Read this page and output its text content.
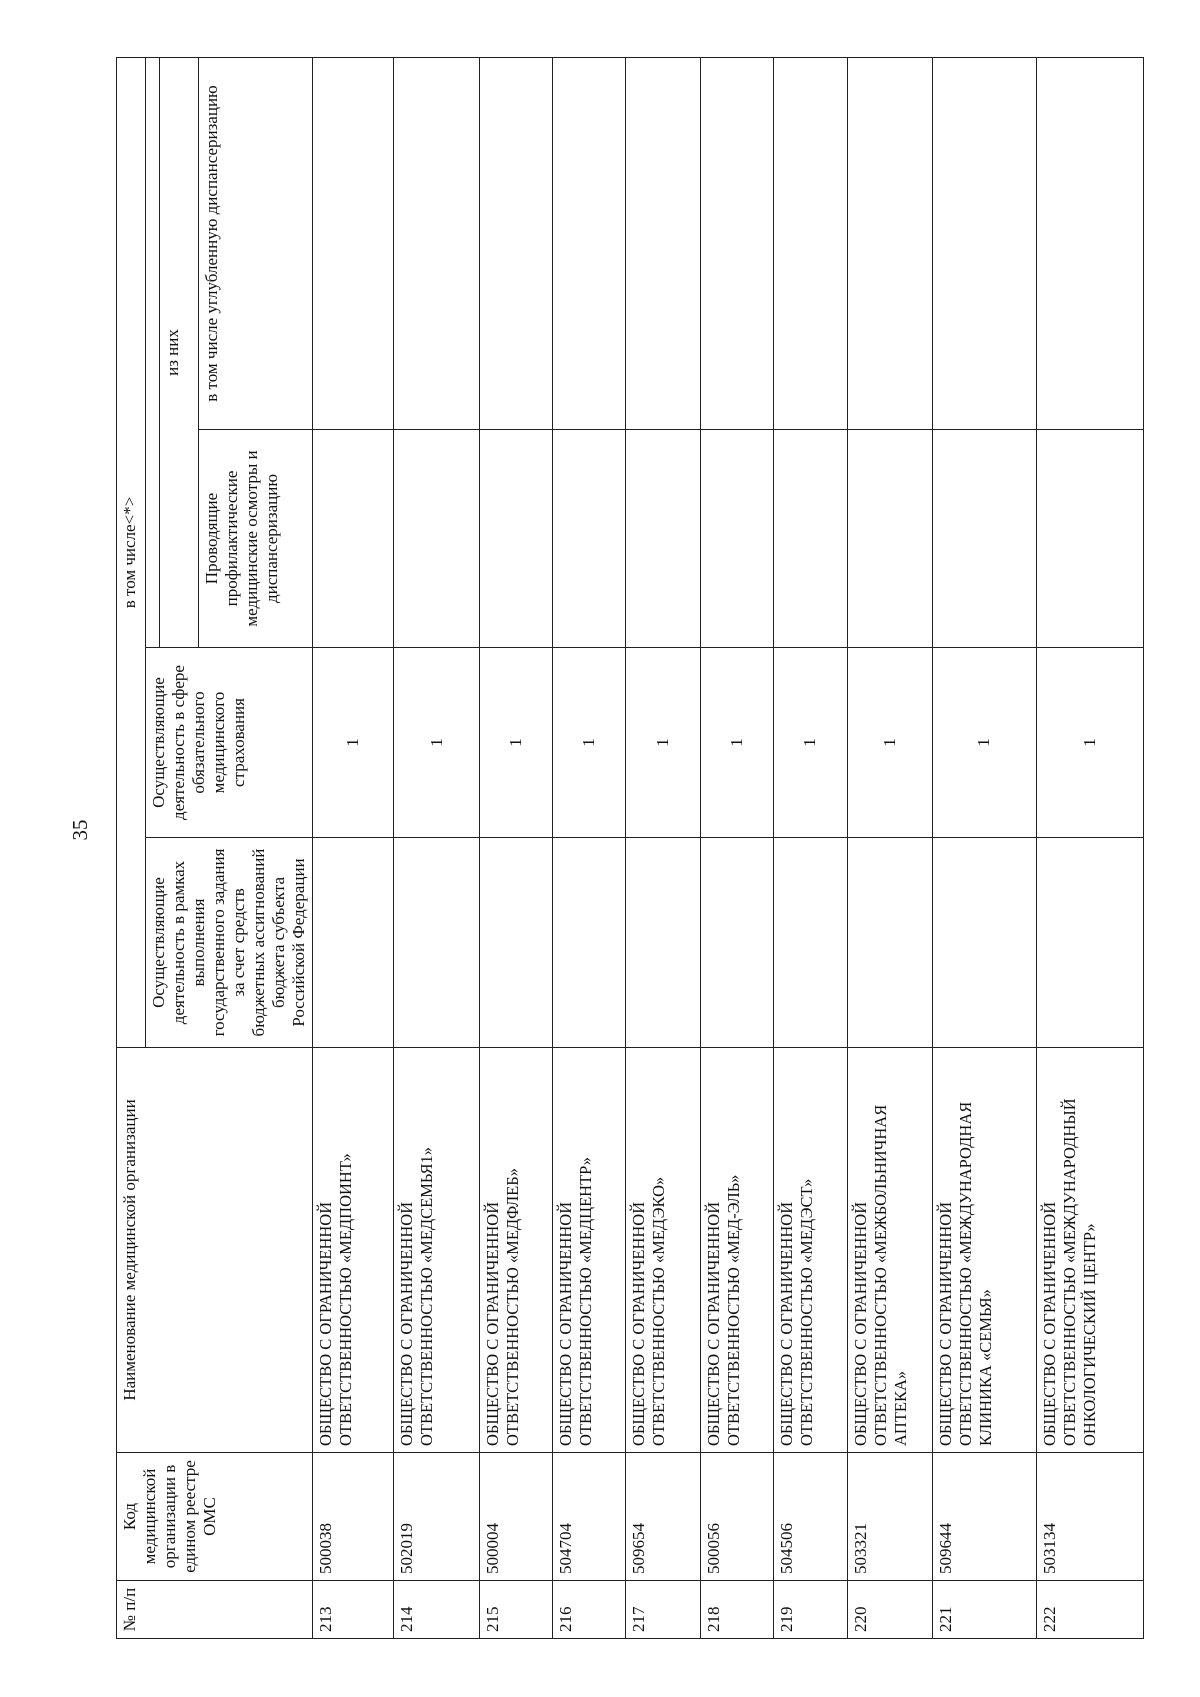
35
№ п/п	Код медицинской организации в едином реестре ОМС	Наименование медицинской организации	в том числе<*>			
			Осуществляющие деятельность в рамках выполнения государственного задания за счет средств бюджетных ассигнований бюджета субъекта Российской Федерации	Осуществляющие деятельность в сфере обязательного медицинского страхования		
					из них	
					Проводящие профилактические медицинские осмотры и диспансеризацию	в том числе углубленную диспансеризацию
213	500038	ОБЩЕСТВО С ОГРАНИЧЕННОЙ ОТВЕТСТВЕННОСТЬЮ «МЕДПОИНТ»		1		
214	502019	ОБЩЕСТВО С ОГРАНИЧЕННОЙ ОТВЕТСТВЕННОСТЬЮ «МЕДСЕМЬЯ1»		1		
215	500004	ОБЩЕСТВО С ОГРАНИЧЕННОЙ ОТВЕТСТВЕННОСТЬЮ «МЕДФЛЕБ»		1		
216	504704	ОБЩЕСТВО С ОГРАНИЧЕННОЙ ОТВЕТСТВЕННОСТЬЮ «МЕДЦЕНТР»		1		
217	509654	ОБЩЕСТВО С ОГРАНИЧЕННОЙ ОТВЕТСТВЕННОСТЬЮ «МЕДЭКО»		1		
218	500056	ОБЩЕСТВО С ОГРАНИЧЕННОЙ ОТВЕТСТВЕННОСТЬЮ «МЕД-ЭЛЬ»		1		
219	504506	ОБЩЕСТВО С ОГРАНИЧЕННОЙ ОТВЕТСТВЕННОСТЬЮ «МЕДЭСТ»		1		
220	503321	ОБЩЕСТВО С ОГРАНИЧЕННОЙ ОТВЕТСТВЕННОСТЬЮ «МЕЖБОЛЬНИЧНАЯ АПТЕКА»		1		
221	509644	ОБЩЕСТВО С ОГРАНИЧЕННОЙ ОТВЕТСТВЕННОСТЬЮ «МЕЖДУНАРОДНАЯ КЛИНИКА «СЕМЬЯ»		1		
222	503134	ОБЩЕСТВО С ОГРАНИЧЕННОЙ ОТВЕТСТВЕННОСТЬЮ «МЕЖДУНАРОДНЫЙ ОНКОЛОГИЧЕСКИЙ ЦЕНТР»		1		
